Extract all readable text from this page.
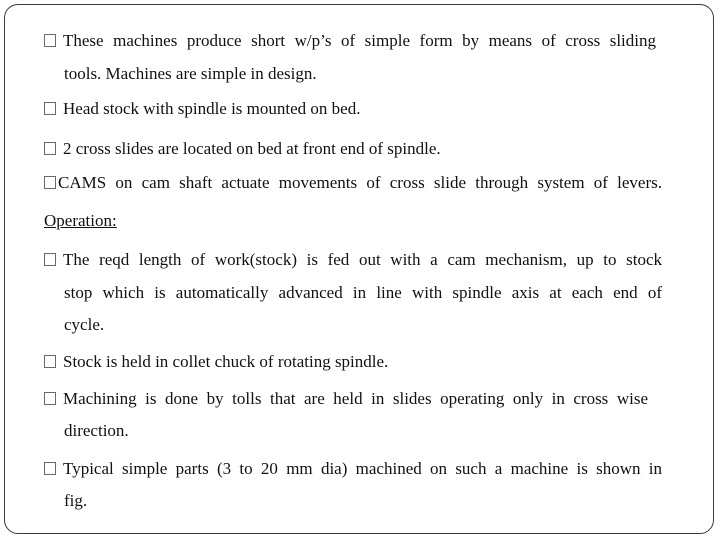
These machines produce short w/p’s of simple form by means of cross sliding
tools. Machines are simple in design.
Head stock with spindle is mounted on bed.
2 cross slides are located on bed at front end of spindle.
CAMS on cam shaft actuate movements of cross slide through system of levers.
Operation:
The reqd length of work(stock) is fed out with a cam mechanism, up to stock
stop which is automatically advanced in line with spindle axis at each end of
cycle.
Stock is held in collet chuck of rotating spindle.
Machining is done by tolls that are held in slides operating only in cross wise
direction.
Typical simple parts (3 to 20 mm dia) machined on such a machine is shown in
fig.
